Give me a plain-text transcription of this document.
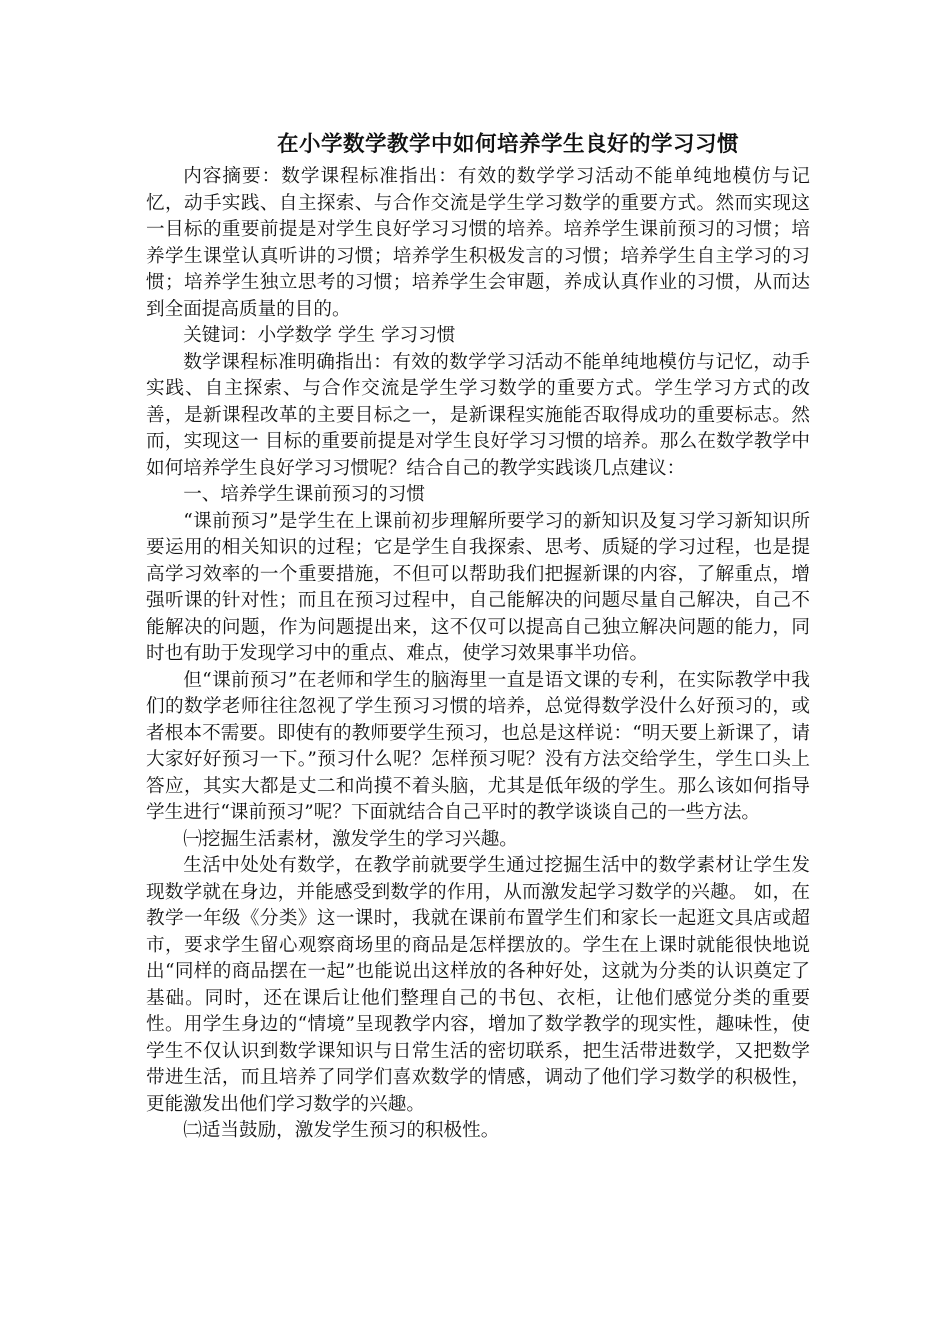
在小学数学教学中如何培养学生良好的学习习惯

内容摘要：数学课程标准指出：有效的数学学习活动不能单纯地模仿与记忆，动手实践、自主探索、与合作交流是学生学习数学的重要方式。然而实现这一目标的重要前提是对学生良好学习习惯的培养。培养学生课前预习的习惯；培养学生课堂认真听讲的习惯；培养学生积极发言的习惯；培养学生自主学习的习惯；培养学生独立思考的习惯；培养学生会审题，养成认真作业的习惯，从而达到全面提高质量的目的。

关键词：小学数学 学生 学习习惯

数学课程标准明确指出：有效的数学学习活动不能单纯地模仿与记忆，动手实践、自主探索、与合作交流是学生学习数学的重要方式。学生学习方式的改善，是新课程改革的主要目标之一，是新课程实施能否取得成功的重要标志。然而，实现这一 目标的重要前提是对学生良好学习习惯的培养。那么在数学教学中如何培养学生良好学习习惯呢？结合自己的教学实践谈几点建议：

一、培养学生课前预习的习惯

“课前预习”是学生在上课前初步理解所要学习的新知识及复习学习新知识所要运用的相关知识的过程；它是学生自我探索、思考、质疑的学习过程，也是提高学习效率的一个重要措施，不但可以帮助我们把握新课的内容，了解重点，增强听课的针对性；而且在预习过程中，自己能解决的问题尽量自己解决，自己不能解决的问题，作为问题提出来，这不仅可以提高自己独立解决问题的能力，同时也有助于发现学习中的重点、难点，使学习效果事半功倍。

但“课前预习”在老师和学生的脑海里一直是语文课的专利，在实际教学中我们的数学老师往往忽视了学生预习习惯的培养，总觉得数学没什么好预习的，或者根本不需要。即使有的教师要学生预习，也总是这样说：“明天要上新课了，请大家好好预习一下。”预习什么呢？怎样预习呢？没有方法交给学生，学生口头上答应，其实大都是丈二和尚摸不着头脑，尤其是低年级的学生。那么该如何指导学生进行“课前预习”呢？下面就结合自己平时的教学谈谈自己的一些方法。

㈠挖掘生活素材，激发学生的学习兴趣。

生活中处处有数学，在教学前就要学生通过挖掘生活中的数学素材让学生发现数学就在身边，并能感受到数学的作用，从而激发起学习数学的兴趣。 如，在教学一年级《分类》这一课时，我就在课前布置学生们和家长一起逛文具店或超市，要求学生留心观察商场里的商品是怎样摆放的。学生在上课时就能很快地说出“同样的商品摆在一起”也能说出这样放的各种好处，这就为分类的认识奠定了基础。同时，还在课后让他们整理自己的书包、衣柜，让他们感觉分类的重要性。用学生身边的“情境”呈现教学内容，增加了数学教学的现实性，趣味性，使学生不仅认识到数学课知识与日常生活的密切联系，把生活带进数学，又把数学带进生活，而且培养了同学们喜欢数学的情感，调动了他们学习数学的积极性，更能激发出他们学习数学的兴趣。

㈡适当鼓励，激发学生预习的积极性。
